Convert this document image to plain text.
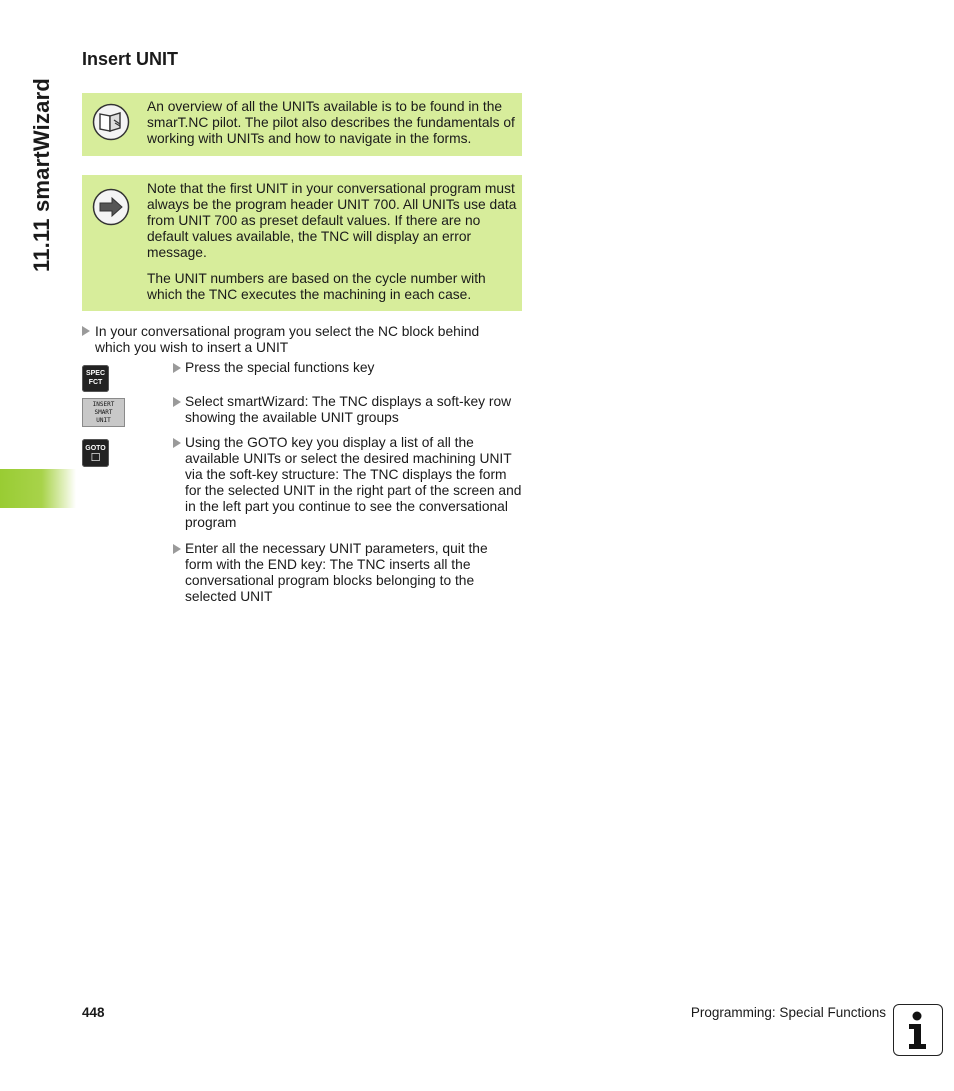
11.11 smartWizard
Insert UNIT

An overview of all the UNITs available is to be found in the smarT.NC pilot. The pilot also describes the fundamentals of working with UNITs and how to navigate in the forms.

Note that the first UNIT in your conversational program must always be the program header UNIT 700. All UNITs use data from UNIT 700 as preset default values. If there are no default values available, the TNC will display an error message.

The UNIT numbers are based on the cycle number with which the TNC executes the machining in each case.

In your conversational program you select the NC block behind which you wish to insert a UNIT
SPEC
FCT
Press the special functions key
INSERT
SMART
UNIT
Select smartWizard: The TNC displays a soft-key row showing the available UNIT groups
GOTO
☐
Using the GOTO key you display a list of all the available UNITs or select the desired machining UNIT via the soft-key structure: The TNC displays the form for the selected UNIT in the right part of the screen and in the left part you continue to see the conversational program
Enter all the necessary UNIT parameters, quit the form with the END key: The TNC inserts all the conversational program blocks belonging to the selected UNIT
448	Programming: Special Functions
